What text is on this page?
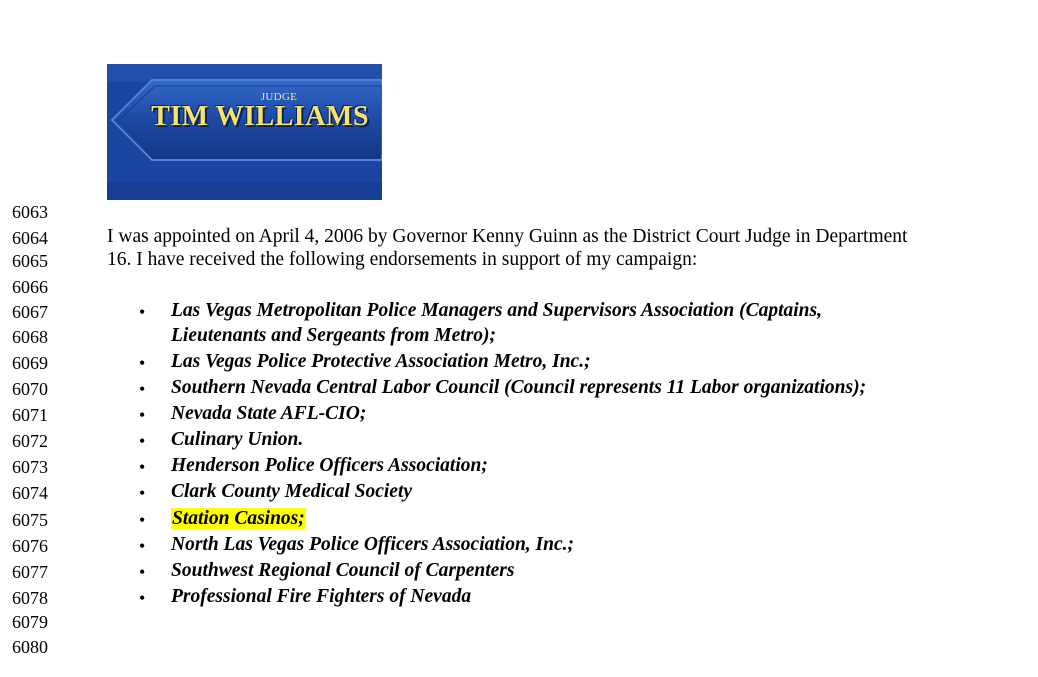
JUDGE
TIM WILLIAMS
6063
6064
6065
6066
6067
6068
6069
6070
6071
6072
6073
6074
6075
6076
6077
6078
6079
6080
I was appointed on April 4, 2006 by Governor Kenny Guinn as the District Court Judge in Department
16. I have received the following endorsements in support of my campaign:
• Las Vegas Metropolitan Police Managers and Supervisors Association (Captains,
Lieutenants and Sergeants from Metro);
• Las Vegas Police Protective Association Metro, Inc.;
• Southern Nevada Central Labor Council (Council represents 11 Labor organizations);
• Nevada State AFL-CIO;
• Culinary Union.
• Henderson Police Officers Association;
• Clark County Medical Society
• Station Casinos;
• North Las Vegas Police Officers Association, Inc.;
• Southwest Regional Council of Carpenters
• Professional Fire Fighters of Nevada
